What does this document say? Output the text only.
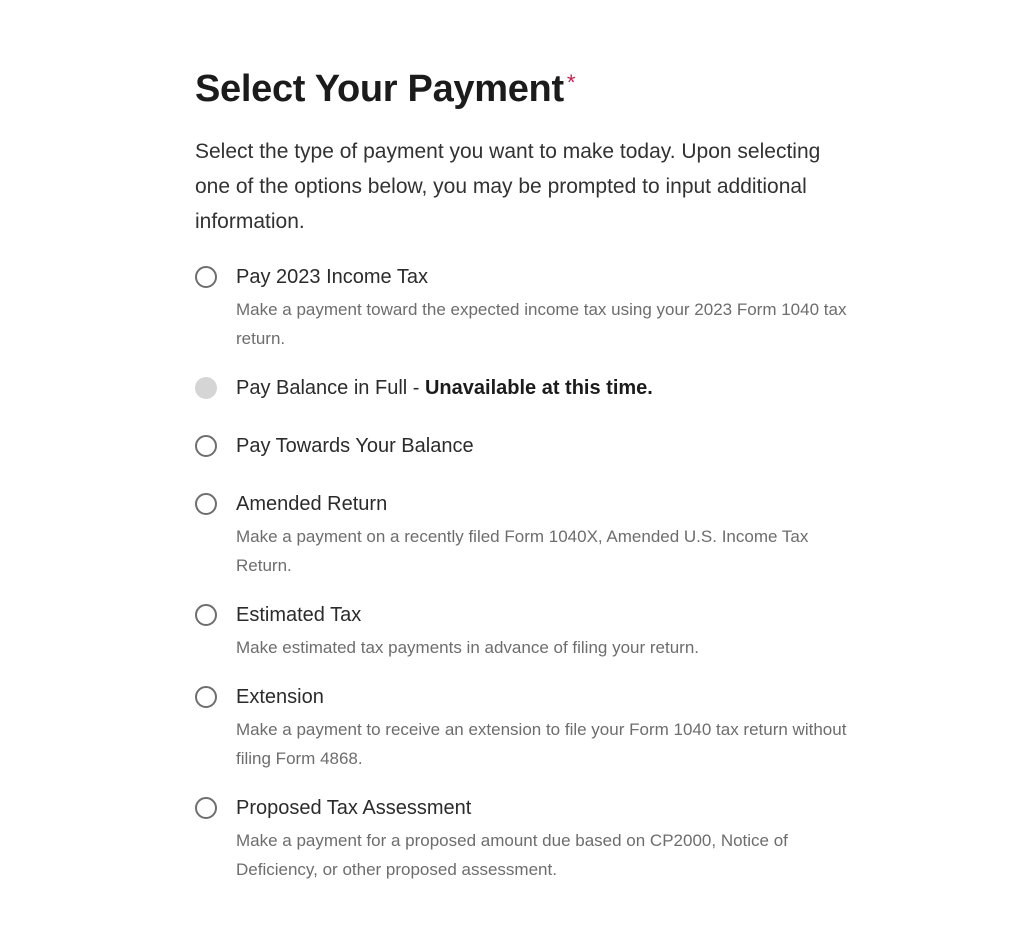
Select Your Payment *

Select the type of payment you want to make today. Upon selecting one of the options below, you may be prompted to input additional information.

Pay 2023 Income Tax
Make a payment toward the expected income tax using your 2023 Form 1040 tax return.
Pay Balance in Full - Unavailable at this time.
Pay Towards Your Balance
Amended Return
Make a payment on a recently filed Form 1040X, Amended U.S. Income Tax Return.
Estimated Tax
Make estimated tax payments in advance of filing your return.
Extension
Make a payment to receive an extension to file your Form 1040 tax return without filing Form 4868.
Proposed Tax Assessment
Make a payment for a proposed amount due based on CP2000, Notice of Deficiency, or other proposed assessment.
